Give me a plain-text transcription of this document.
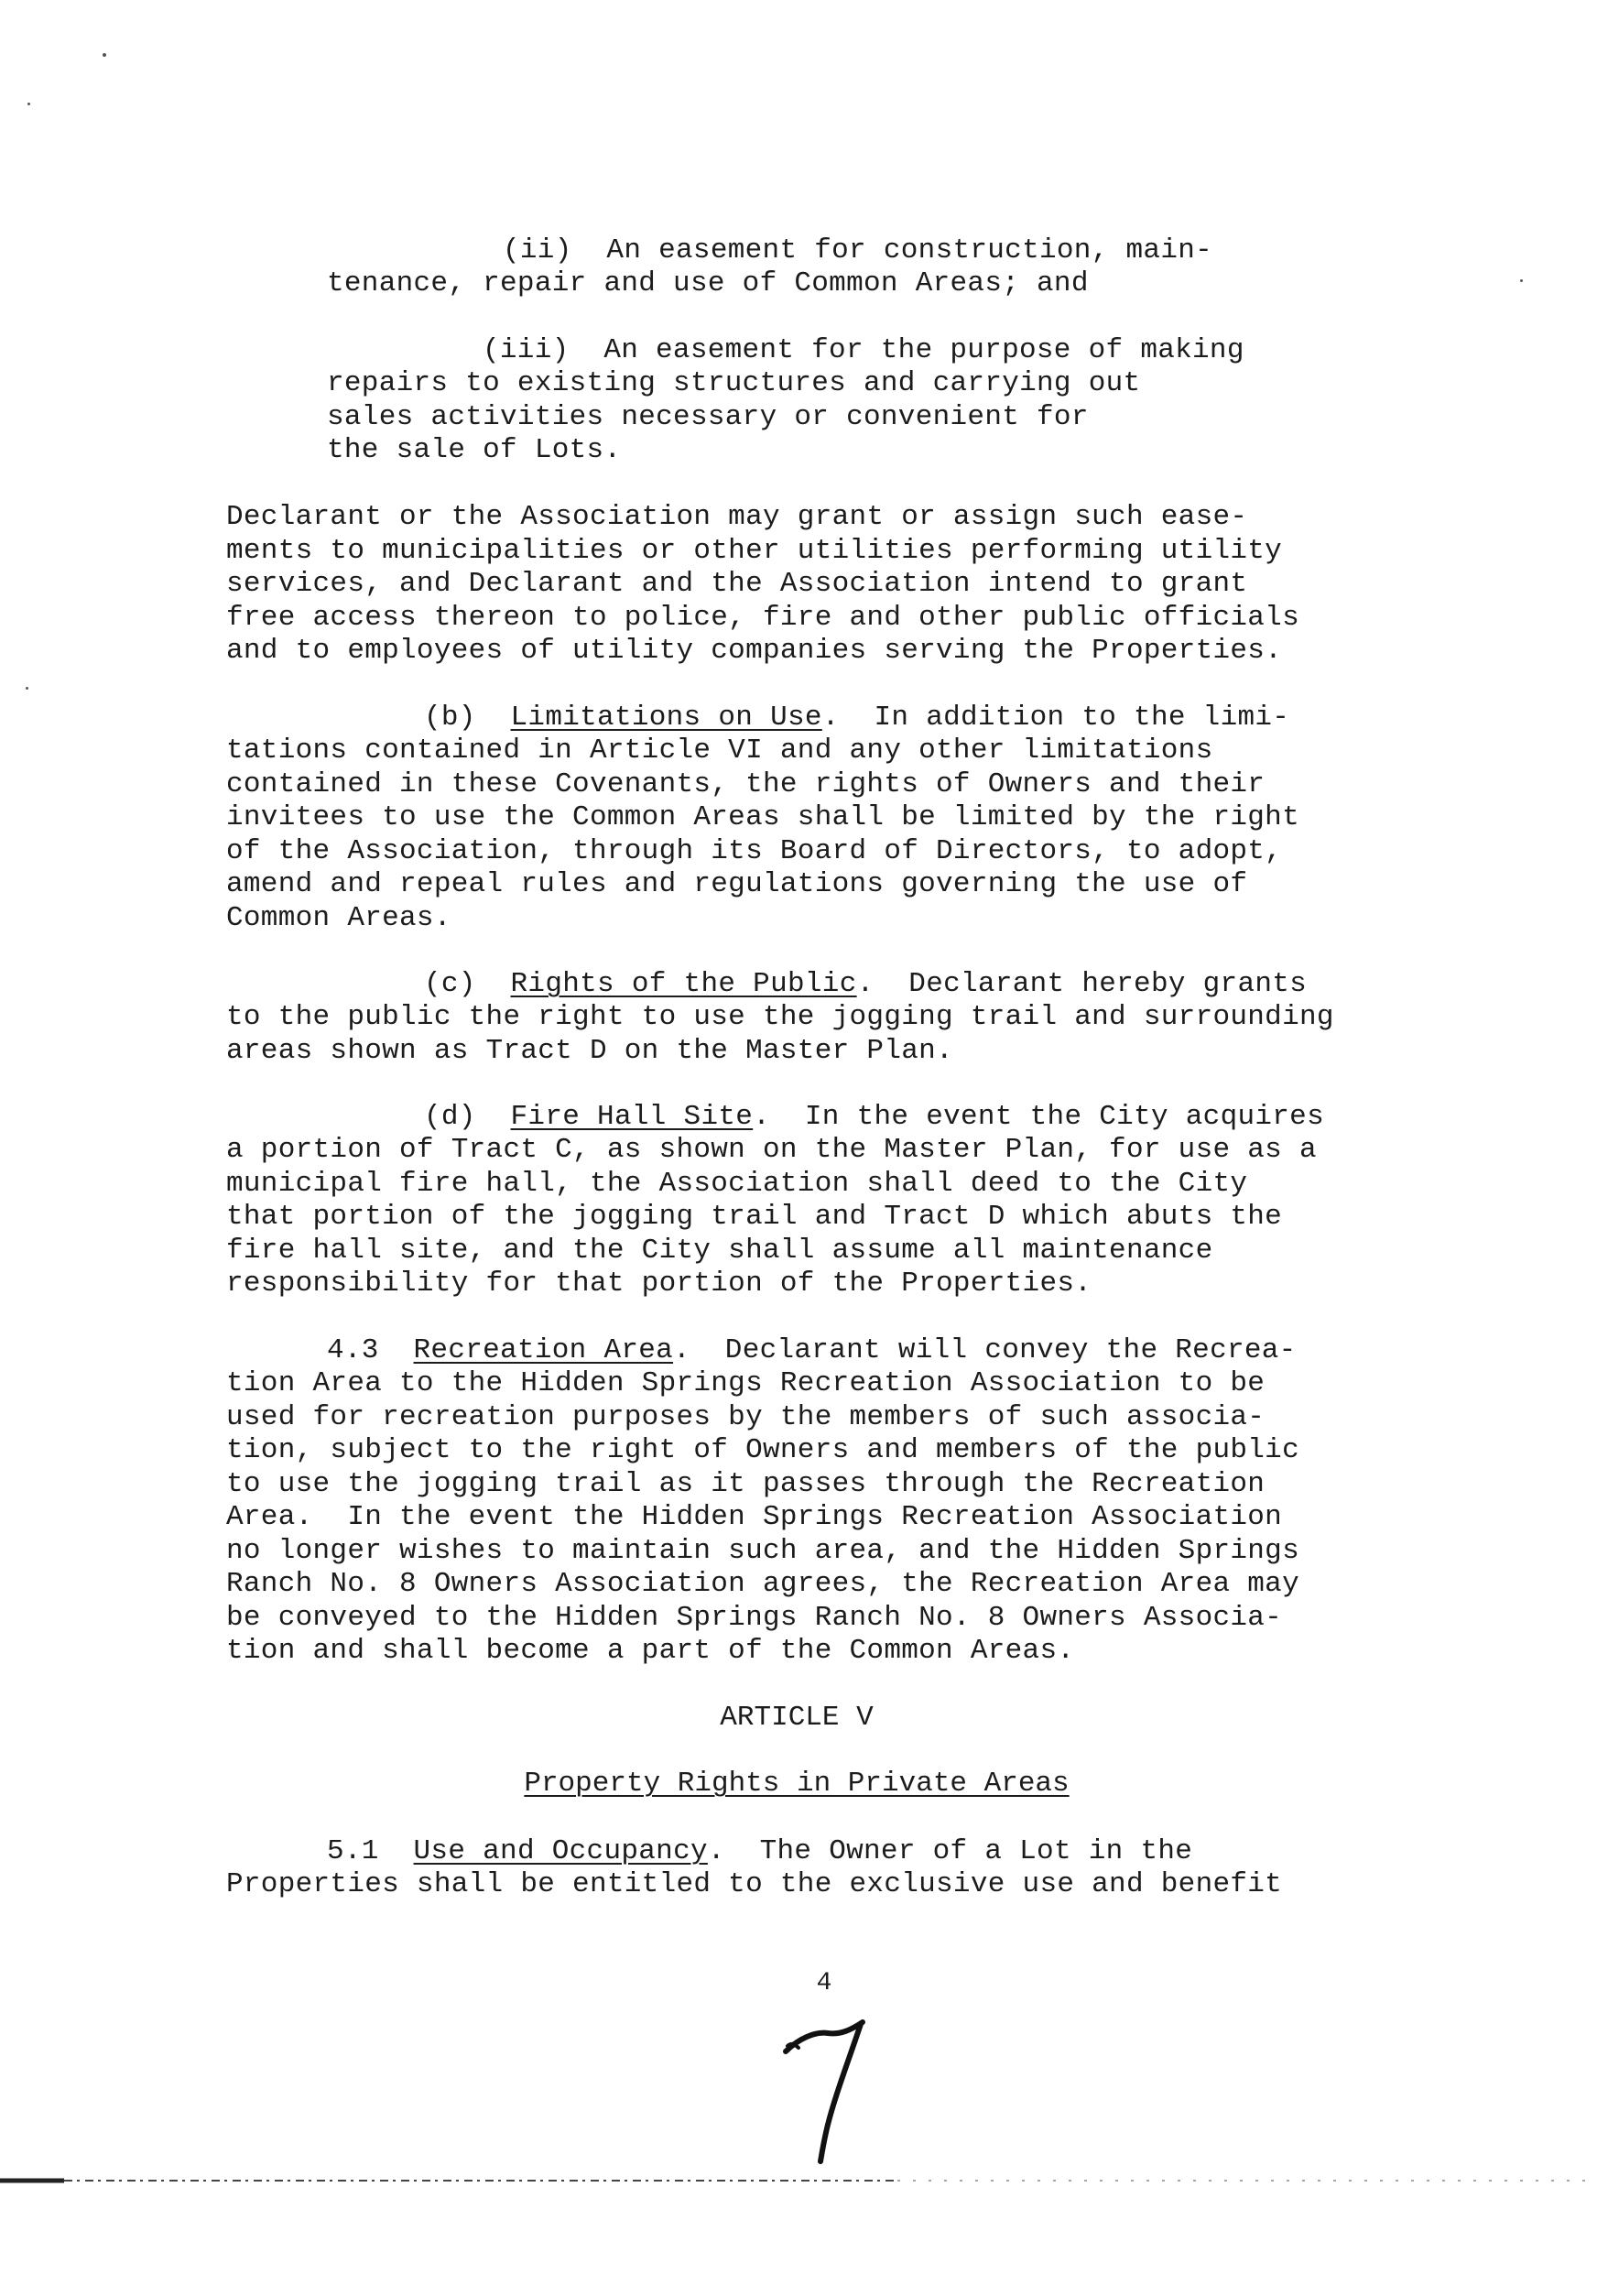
(ii)  An easement for construction, main-
tenance, repair and use of Common Areas; and
(iii)  An easement for the purpose of making
repairs to existing structures and carrying out
sales activities necessary or convenient for
the sale of Lots.
Declarant or the Association may grant or assign such ease-
ments to municipalities or other utilities performing utility
services, and Declarant and the Association intend to grant
free access thereon to police, fire and other public officials
and to employees of utility companies serving the Properties.
(b) Limitations on Use.  In addition to the limi-
tations contained in Article VI and any other limitations
contained in these Covenants, the rights of Owners and their
invitees to use the Common Areas shall be limited by the right
of the Association, through its Board of Directors, to adopt,
amend and repeal rules and regulations governing the use of
Common Areas.
(c) Rights of the Public.  Declarant hereby grants
to the public the right to use the jogging trail and surrounding
areas shown as Tract D on the Master Plan.
(d) Fire Hall Site.  In the event the City acquires
a portion of Tract C, as shown on the Master Plan, for use as a
municipal fire hall, the Association shall deed to the City
that portion of the jogging trail and Tract D which abuts the
fire hall site, and the City shall assume all maintenance
responsibility for that portion of the Properties.
4.3 Recreation Area.  Declarant will convey the Recrea-
tion Area to the Hidden Springs Recreation Association to be
used for recreation purposes by the members of such associa-
tion, subject to the right of Owners and members of the public
to use the jogging trail as it passes through the Recreation
Area.  In the event the Hidden Springs Recreation Association
no longer wishes to maintain such area, and the Hidden Springs
Ranch No. 8 Owners Association agrees, the Recreation Area may
be conveyed to the Hidden Springs Ranch No. 8 Owners Associa-
tion and shall become a part of the Common Areas.
ARTICLE V
Property Rights in Private Areas
5.1 Use and Occupancy.  The Owner of a Lot in the
Properties shall be entitled to the exclusive use and benefit
4
